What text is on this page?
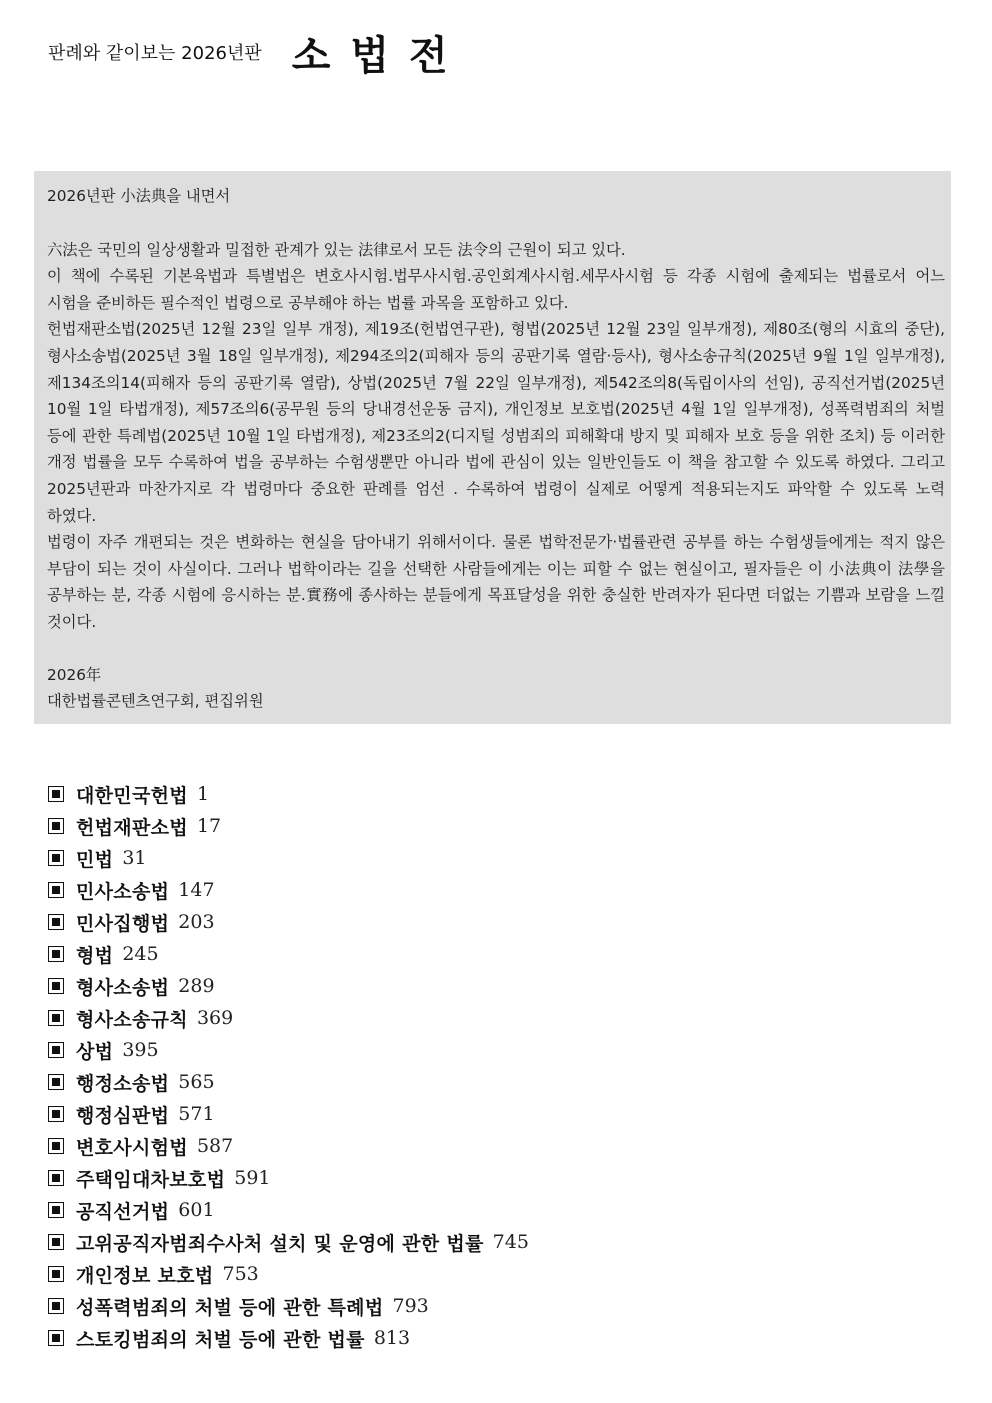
판례와 같이보는 2026년판 소법전

2026년판 小法典을 내면서

六法은 국민의 일상생활과 밀접한 관계가 있는 法律로서 모든 法令의 근원이 되고 있다.

이 책에 수록된 기본육법과 특별법은 변호사시험.법무사시험.공인회계사시험.세무사시험 등 각종 시험에 출제되는 법률로서 어느 시험을 준비하든 필수적인 법령으로 공부해야 하는 법률 과목을 포함하고 있다.

헌법재판소법(2025년 12월 23일 일부 개정), 제19조(헌법연구관), 형법(2025년 12월 23일 일부개정), 제80조(형의 시효의 중단), 형사소송법(2025년 3월 18일 일부개정), 제294조의2(피해자 등의 공판기록 열람·등사), 형사소송규칙(2025년 9월 1일 일부개정), 제134조의14(피해자 등의 공판기록 열람), 상법(2025년 7월 22일 일부개정), 제542조의8(독립이사의 선임), 공직선거법(2025년 10월 1일 타법개정), 제57조의6(공무원 등의 당내경선운동 금지), 개인정보 보호법(2025년 4월 1일 일부개정), 성폭력범죄의 처벌 등에 관한 특례법(2025년 10월 1일 타법개정), 제23조의2(디지털 성범죄의 피해확대 방지 및 피해자 보호 등을 위한 조치) 등 이러한 개정 법률을 모두 수록하여 법을 공부하는 수험생뿐만 아니라 법에 관심이 있는 일반인들도 이 책을 참고할 수 있도록 하였다. 그리고 2025년판과 마찬가지로 각 법령마다 중요한 판례를 엄선 . 수록하여 법령이 실제로 어떻게 적용되는지도 파악할 수 있도록 노력 하였다.

법령이 자주 개편되는 것은 변화하는 현실을 담아내기 위해서이다. 물론 법학전문가·법률관련 공부를 하는 수험생들에게는 적지 않은 부담이 되는 것이 사실이다. 그러나 법학이라는 길을 선택한 사람들에게는 이는 피할 수 없는 현실이고, 필자들은 이 小法典이 法學을 공부하는 분, 각종 시험에 응시하는 분.實務에 종사하는 분들에게 목표달성을 위한 충실한 반려자가 된다면 더없는 기쁨과 보람을 느낄 것이다.

2026年

대한법률콘텐츠연구회, 편집위원

대한민국헌법 1
헌법재판소법 17
민법 31
민사소송법 147
민사집행법 203
형법 245
형사소송법 289
형사소송규칙 369
상법 395
행정소송법 565
행정심판법 571
변호사시험법 587
주택임대차보호법 591
공직선거법 601
고위공직자범죄수사처 설치 및 운영에 관한 법률 745
개인정보 보호법 753
성폭력범죄의 처벌 등에 관한 특례법 793
스토킹범죄의 처벌 등에 관한 법률 813
